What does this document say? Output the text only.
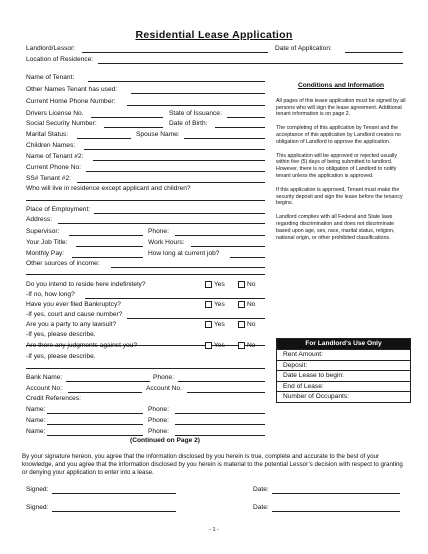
Residential Lease Application
Landlord/Lessor:	Date of Application:
Location of Residence:
Name of Tenant:
Other Names Tenant has used:
Current Home Phone Number:
Drivers License No.	State of Issuance:
Social Security Number:	Date of Birth:
Marital Status:	Spouse Name:
Children Names:
Name of Tenant #2:
Current Phone No:
SS# Tenant #2:
Who will live in residence except applicant and children?
Place of Employment:
Address:
Supervisor:	Phone:
Your Job Title:	Work Hours:
Monthly Pay:	How long at current job?
Other sources of income:
Do you intend to reside here indefinitely?	Yes	No
-If no, how long?
Have you ever filed Bankruptcy?	Yes	No
-If yes, court and cause number?
Are you a party to any lawsuit?	Yes	No
-If yes, please describe.
Are there any judgments against you?	Yes	No
-If yes, please describe.
Bank Name:	Phone:
Account No:	Account No.
Credit References:
Name:	Phone:
Name:	Phone:
Name:	Phone:
(Continued on Page 2)
Conditions and Information

All pages of this lease application must be signed by all persons who will sign the lease agreement. Additional tenant information is on page 2.

The completing of this application by Tenant and the acceptance of this application by Landlord creates no obligation of Landlord to approve the application.

This application will be approved or rejected usually within five (5) days of being submitted to landlord. However, there is no obligation of Landlord to notify tenant unless the application is approved.

If this application is approved, Tenant must make the security deposit and sign the lease before the tenancy begins.

Landlord complies with all Federal and State laws regarding discrimination and does not discriminate based upon age, sex, race, marital status, religion, national origin, or other prohibited classifications.

For Landlord’s Use Only
Rent Amount:
Deposit:
Date Lease to begin:
End of Lease:
Number of Occupants:
By your signature hereon, you agree that the information disclosed by you herein is true, complete and accurate to the best of your knowledge, and you agree that the information disclosed by you herein is material to the potential Lessor’s decision with respect to granting or denying your application to enter into a lease.
Signed:	Date:
Signed:	Date:
- 1 -
